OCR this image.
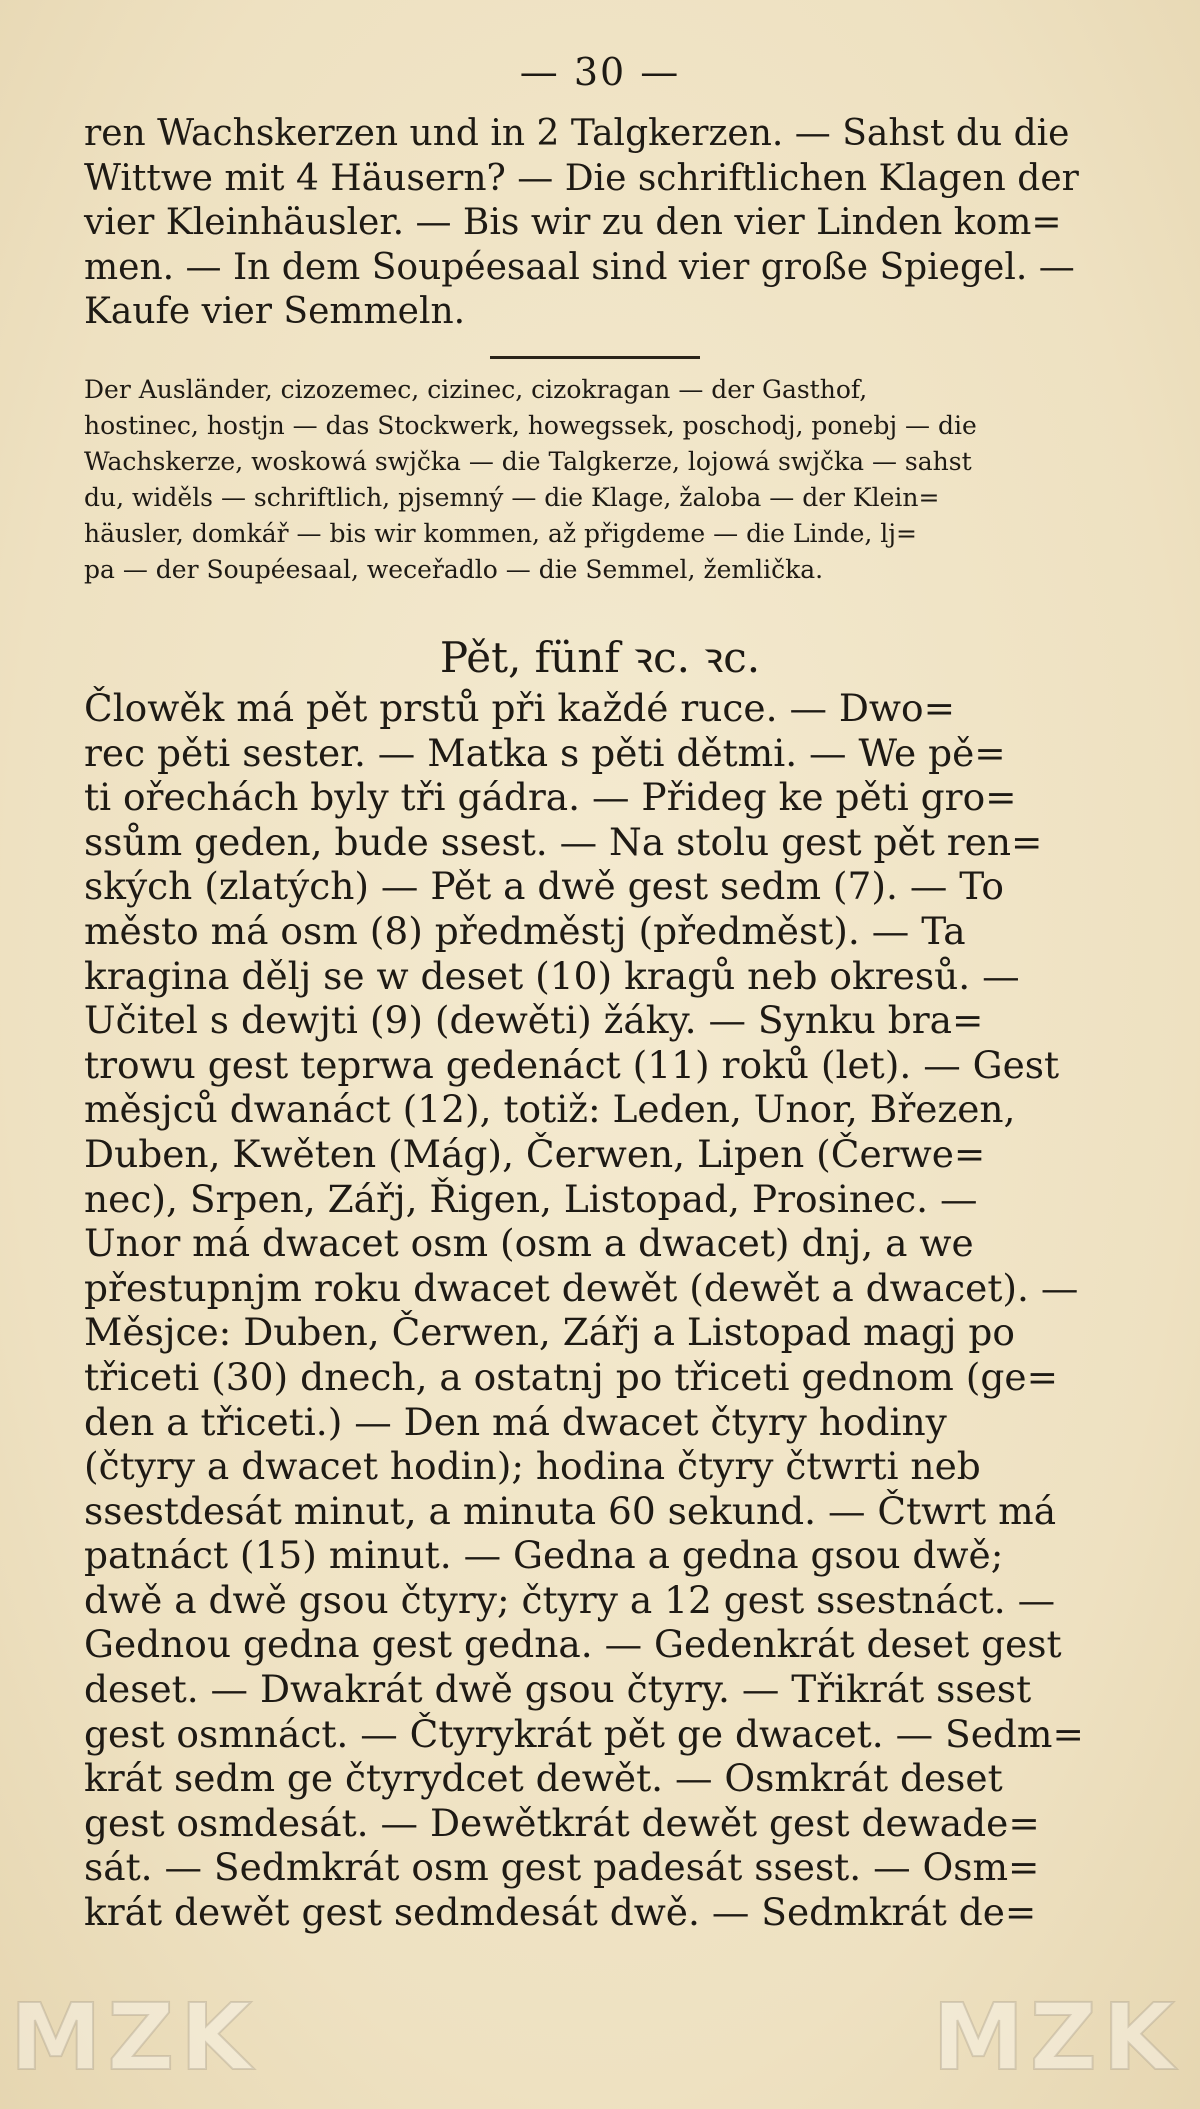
— 30 —
ren Wachskerzen und in 2 Talgkerzen. — Sahst du die
Wittwe mit 4 Häusern? — Die schriftlichen Klagen der
vier Kleinhäusler. — Bis wir zu den vier Linden kom=
men. — In dem Soupéesaal sind vier große Spiegel. —
Kaufe vier Semmeln.
Der Ausländer, cizozemec, cizinec, cizokragan — der Gasthof,
hostinec, hostjn — das Stockwerk, howegssek, poschodj, ponebj — die
Wachskerze, woskowá swjčka — die Talgkerze, lojowá swjčka — sahst
du, widěls — schriftlich, pjsemný — die Klage, žaloba — der Klein=
häusler, domkář — bis wir kommen, až přigdeme — die Linde, lj=
pa — der Soupéesaal, weceřadlo — die Semmel, žemlička.
Pět, fünf ꝛc. ꝛc.
Člowěk má pět prstů při každé ruce. — Dwo=
rec pěti sester. — Matka s pěti dětmi. — We pě=
ti ořechách byly tři gádra. — Přideg ke pěti gro=
ssům geden, bude ssest. — Na stolu gest pět ren=
ských (zlatých) — Pět a dwě gest sedm (7). — To
město má osm (8) předměstj (předměst). — Ta
kragina dělj se w deset (10) kragů neb okresů. —
Učitel s dewjti (9) (dewěti) žáky. — Synku bra=
trowu gest teprwa gedenáct (11) roků (let). — Gest
měsjců dwanáct (12), totiž: Leden, Unor, Březen,
Duben, Kwěten (Mág), Čerwen, Lipen (Čerwe=
nec), Srpen, Zářj, Řigen, Listopad, Prosinec. —
Unor má dwacet osm (osm a dwacet) dnj, a we
přestupnjm roku dwacet dewět (dewět a dwacet). —
Měsjce: Duben, Čerwen, Zářj a Listopad magj po
třiceti (30) dnech, a ostatnj po třiceti gednom (ge=
den a třiceti.) — Den má dwacet čtyry hodiny
(čtyry a dwacet hodin); hodina čtyry čtwrti neb
ssestdesát minut, a minuta 60 sekund. — Čtwrt má
patnáct (15) minut. — Gedna a gedna gsou dwě;
dwě a dwě gsou čtyry; čtyry a 12 gest ssestnáct. —
Gednou gedna gest gedna. — Gedenkrát deset gest
deset. — Dwakrát dwě gsou čtyry. — Třikrát ssest
gest osmnáct. — Čtyrykrát pět ge dwacet. — Sedm=
krát sedm ge čtyrydcet dewět. — Osmkrát deset
gest osmdesát. — Dewětkrát dewět gest dewade=
sát. — Sedmkrát osm gest padesát ssest. — Osm=
krát dewět gest sedmdesát dwě. — Sedmkrát de=
MZK	MZK
